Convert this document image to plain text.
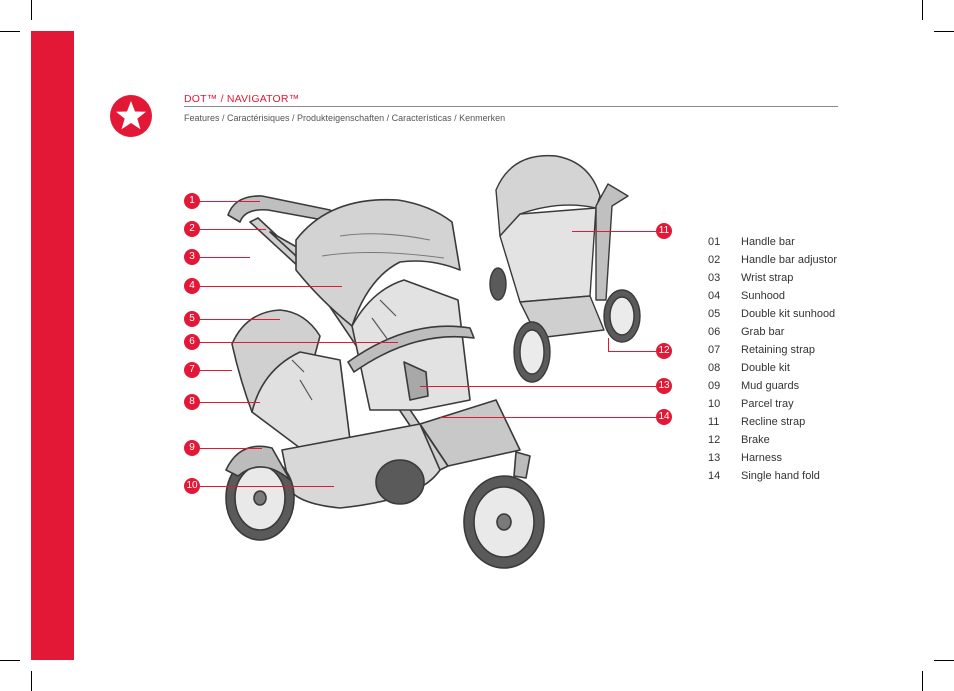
DOT™ / NAVIGATOR™
Features / Caractérisiques / Produkteigenschaften / Características / Kenmerken
1
2
3
4
5
6
7
8
9
10
11
12
13
14
01 Handle bar
02 Handle bar adjustor
03 Wrist strap
04 Sunhood
05 Double kit sunhood
06 Grab bar
07 Retaining strap
08 Double kit
09 Mud guards
10 Parcel tray
11 Recline strap
12 Brake
13 Harness
14 Single hand fold
